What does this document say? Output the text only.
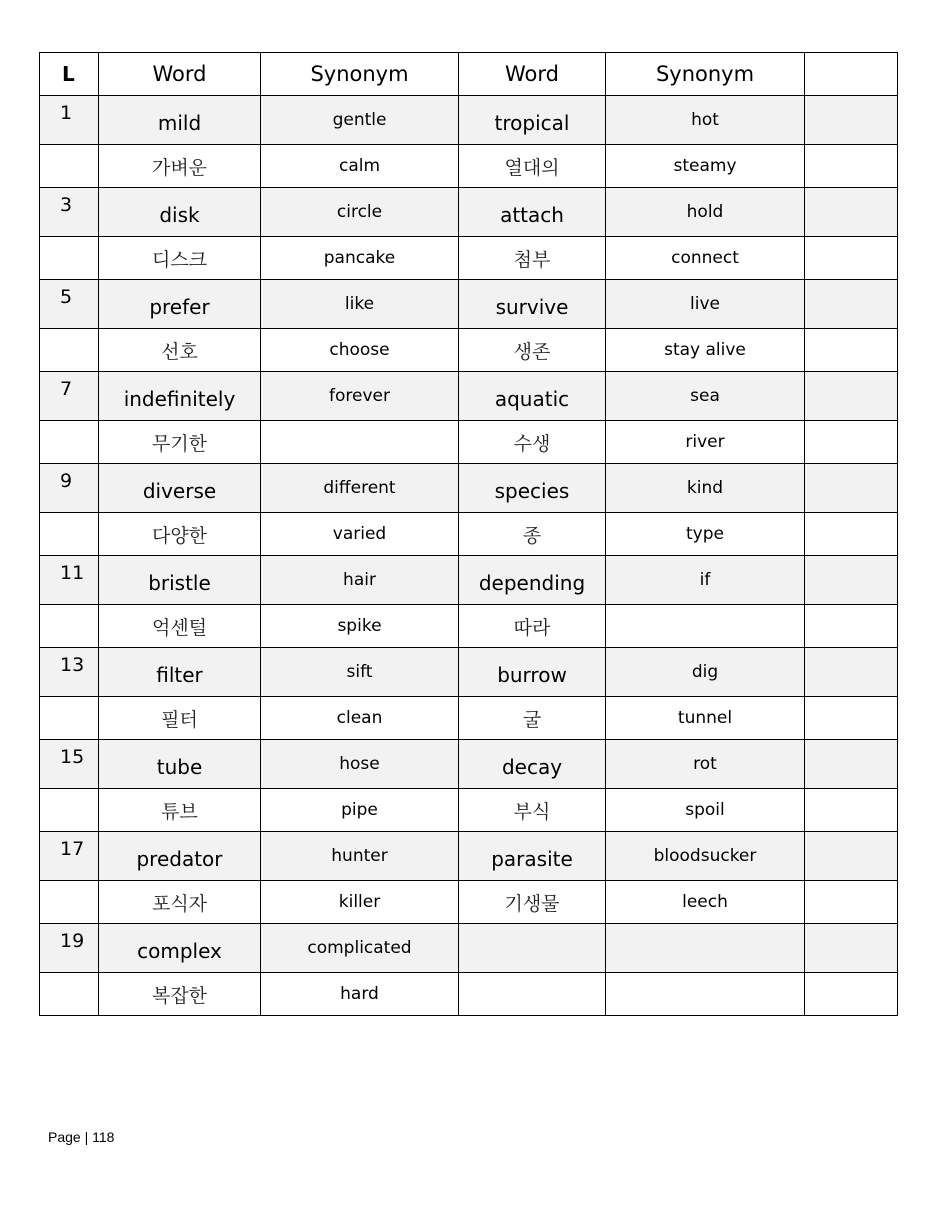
L	Word	Synonym	Word	Synonym	
1	mild	gentle	tropical	hot	
	가벼운	calm	열대의	steamy	
3	disk	circle	attach	hold	
	디스크	pancake	첨부	connect	
5	prefer	like	survive	live	
	선호	choose	생존	stay alive	
7	indefinitely	forever	aquatic	sea	
	무기한		수생	river	
9	diverse	different	species	kind	
	다양한	varied	종	type	
11	bristle	hair	depending	if	
	억센털	spike	따라		
13	filter	sift	burrow	dig	
	필터	clean	굴	tunnel	
15	tube	hose	decay	rot	
	튜브	pipe	부식	spoil	
17	predator	hunter	parasite	bloodsucker	
	포식자	killer	기생물	leech	
19	complex	complicated			
	복잡한	hard			
Page | 118
